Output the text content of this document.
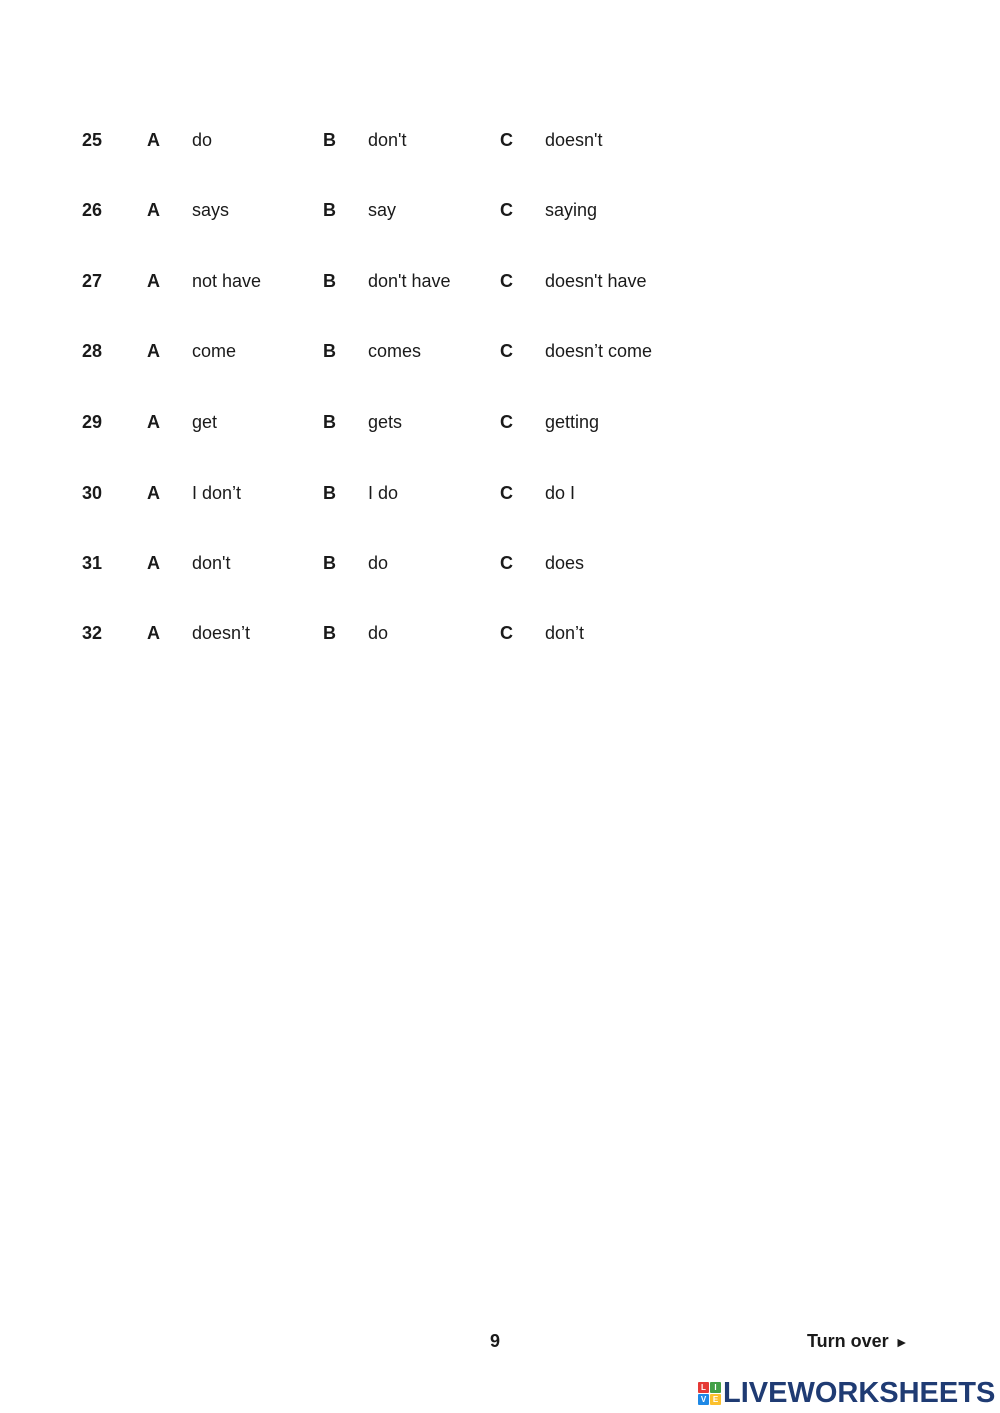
25 A do	B don't	C doesn't
26 A says	B say	C saying
27 A not have	B don't have	C doesn't have
28 A come	B comes	C doesn’t come
29 A get	B gets	C getting
30 A I don’t	B I do	C do I
31 A don't	B do	C does
32 A doesn’t	B do	C don’t
9	Turn over ►
L	I
V E LIVEWORKSHEETS
